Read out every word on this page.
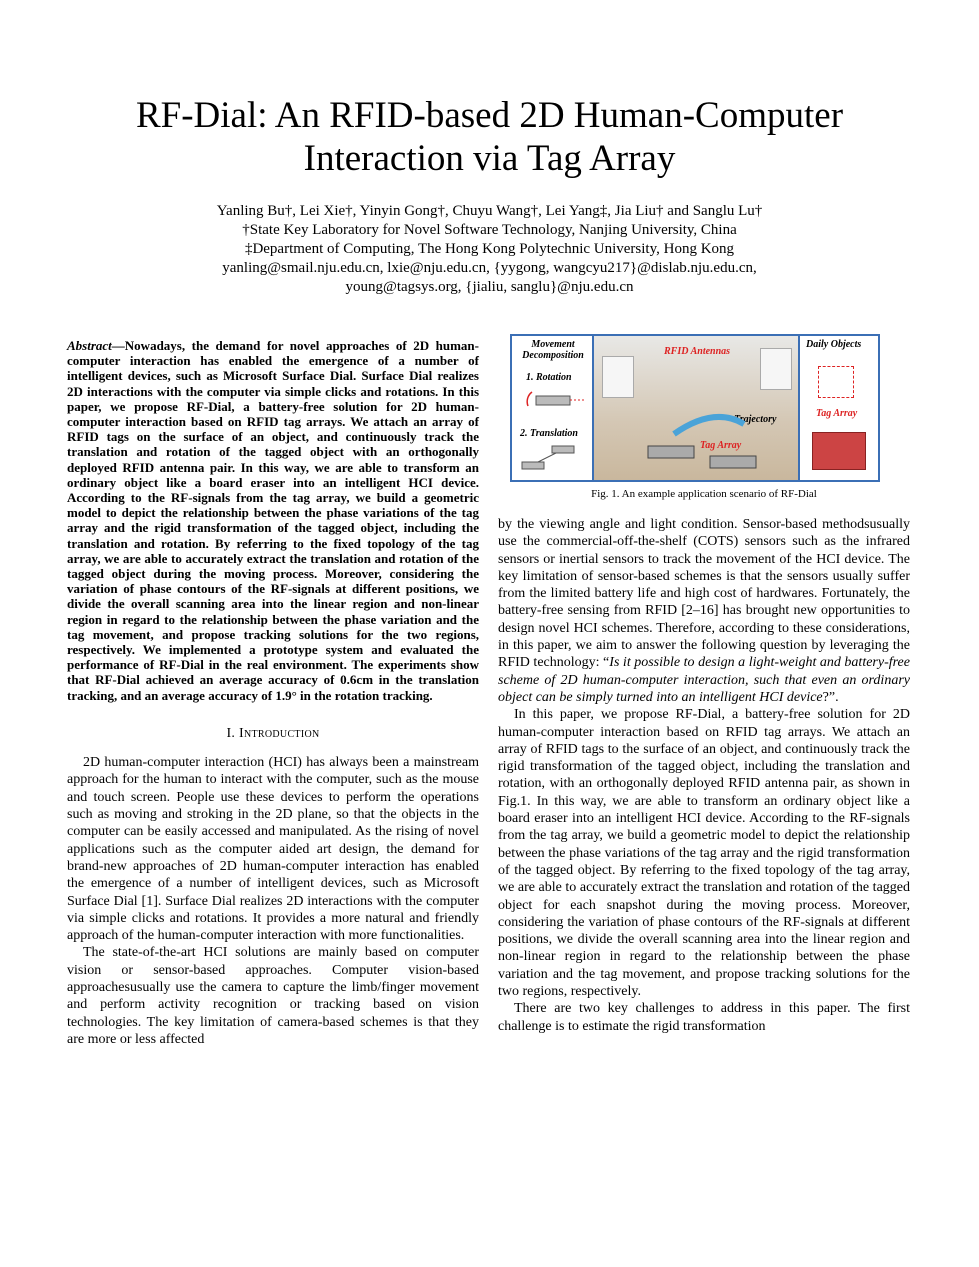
RF-Dial: An RFID-based 2D Human-Computer
Interaction via Tag Array
Yanling Bu†, Lei Xie†, Yinyin Gong†, Chuyu Wang†, Lei Yang‡, Jia Liu† and Sanglu Lu†
†State Key Laboratory for Novel Software Technology, Nanjing University, China
‡Department of Computing, The Hong Kong Polytechnic University, Hong Kong
yanling@smail.nju.edu.cn, lxie@nju.edu.cn, {yygong, wangcyu217}@dislab.nju.edu.cn,
young@tagsys.org, {jialiu, sanglu}@nju.edu.cn
Abstract—Nowadays, the demand for novel approaches of 2D human-computer interaction has enabled the emergence of a number of intelligent devices, such as Microsoft Surface Dial. Surface Dial realizes 2D interactions with the computer via simple clicks and rotations. In this paper, we propose RF-Dial, a battery-free solution for 2D human-computer interaction based on RFID tag arrays. We attach an array of RFID tags on the surface of an object, and continuously track the translation and rotation of the tagged object with an orthogonally deployed RFID antenna pair. In this way, we are able to transform an ordinary object like a board eraser into an intelligent HCI device. According to the RF-signals from the tag array, we build a geometric model to depict the relationship between the phase variations of the tag array and the rigid transformation of the tagged object, including the translation and rotation. By referring to the fixed topology of the tag array, we are able to accurately extract the translation and rotation of the tagged object during the moving process. Moreover, considering the variation of phase contours of the RF-signals at different positions, we divide the overall scanning area into the linear region and non-linear region in regard to the relationship between the phase variation and the tag movement, and propose tracking solutions for the two regions, respectively. We implemented a prototype system and evaluated the performance of RF-Dial in the real environment. The experiments show that RF-Dial achieved an average accuracy of 0.6cm in the translation tracking, and an average accuracy of 1.9° in the rotation tracking.
I. Introduction

2D human-computer interaction (HCI) has always been a mainstream approach for the human to interact with the computer, such as the mouse and touch screen. People use these devices to perform the operations such as moving and stroking in the 2D plane, so that the objects in the computer can be easily accessed and manipulated. As the rising of novel applications such as the computer aided art design, the demand for brand-new approaches of 2D human-computer interaction has enabled the emergence of a number of intelligent devices, such as Microsoft Surface Dial [1]. Surface Dial realizes 2D interactions with the computer via simple clicks and rotations. It provides a more natural and friendly approach of the human-computer interaction with more functionalities.

The state-of-the-art HCI solutions are mainly based on computer vision or sensor-based approaches. Computer vision-based approachesusually use the camera to capture the limb/finger movement and perform activity recognition or tracking based on vision technologies. The key limitation of camera-based schemes is that they are more or less affected

Movement Decomposition
1. Rotation
2. Translation
RFID Antennas
Trajectory
Tag Array
Daily Objects
Tag Array
Fig. 1. An example application scenario of RF-Dial

by the viewing angle and light condition. Sensor-based methodsusually use the commercial-off-the-shelf (COTS) sensors such as the infrared sensors or inertial sensors to track the movement of the HCI device. The key limitation of sensor-based schemes is that the sensors usually suffer from the limited battery life and high cost of hardwares. Fortunately, the battery-free sensing from RFID [2–16] has brought new opportunities to design novel HCI schemes. Therefore, according to these considerations, in this paper, we aim to answer the following question by leveraging the RFID technology: “Is it possible to design a light-weight and battery-free scheme of 2D human-computer interaction, such that even an ordinary object can be simply turned into an intelligent HCI device?”.

In this paper, we propose RF-Dial, a battery-free solution for 2D human-computer interaction based on RFID tag arrays. We attach an array of RFID tags to the surface of an object, and continuously track the rigid transformation of the tagged object, including the translation and rotation, with an orthogonally deployed RFID antenna pair, as shown in Fig.1. In this way, we are able to transform an ordinary object like a board eraser into an intelligent HCI device. According to the RF-signals from the tag array, we build a geometric model to depict the relationship between the phase variations of the tag array and the rigid transformation of the tagged object. By referring to the fixed topology of the tag array, we are able to accurately extract the translation and rotation of the tagged object for each snapshot during the moving process. Moreover, considering the variation of phase contours of the RF-signals at different positions, we divide the overall scanning area into the linear region and non-linear region in regard to the relationship between the phase variation and the tag movement, and propose tracking solutions for the two regions, respectively.

There are two key challenges to address in this paper. The first challenge is to estimate the rigid transformation
